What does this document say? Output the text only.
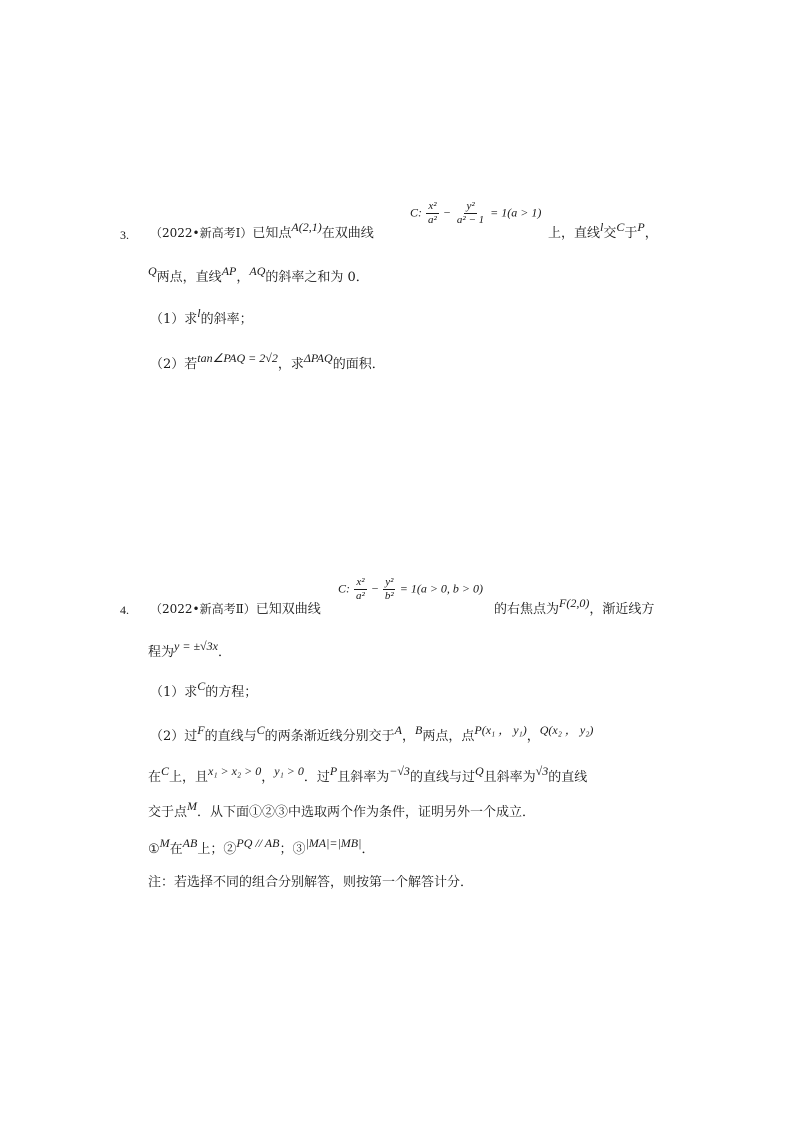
3. （2022•新高考Ⅰ）已知点A(2,1)在双曲线
C: $\frac{\text{x²}}{\text{a²}} - \frac{\text{y²}}{\text{a² − 1}} = 1(a > 1)$
上，直线l交C于P，
Q两点，直线AP，AQ的斜率之和为 0．
（1）求l的斜率；
（2）若tan∠PAQ = 2√2，求ΔPAQ的面积．
4. （2022•新高考Ⅱ）已知双曲线
C: $\frac{\text{x²}}{\text{a²}} - \frac{\text{y²}}{\text{b²}} = 1(a > 0$, b > 0)
的右焦点为F(2,0)，渐近线方
程为y = ±√3x．
（1）求C的方程；
（2）过F的直线与C的两条渐近线分别交于A，B两点，点P(x₁ ， y₁)，Q(x₂ ， y₂)
在C上，且x₁ > x₂ > 0，y₁ > 0．过P且斜率为−√3的直线与过Q且斜率为√3的直线
交于点M．从下面①②③中选取两个作为条件，证明另外一个成立．
①M在AB上；②PQ // AB；③|MA|=|MB|．
注：若选择不同的组合分别解答，则按第一个解答计分．
